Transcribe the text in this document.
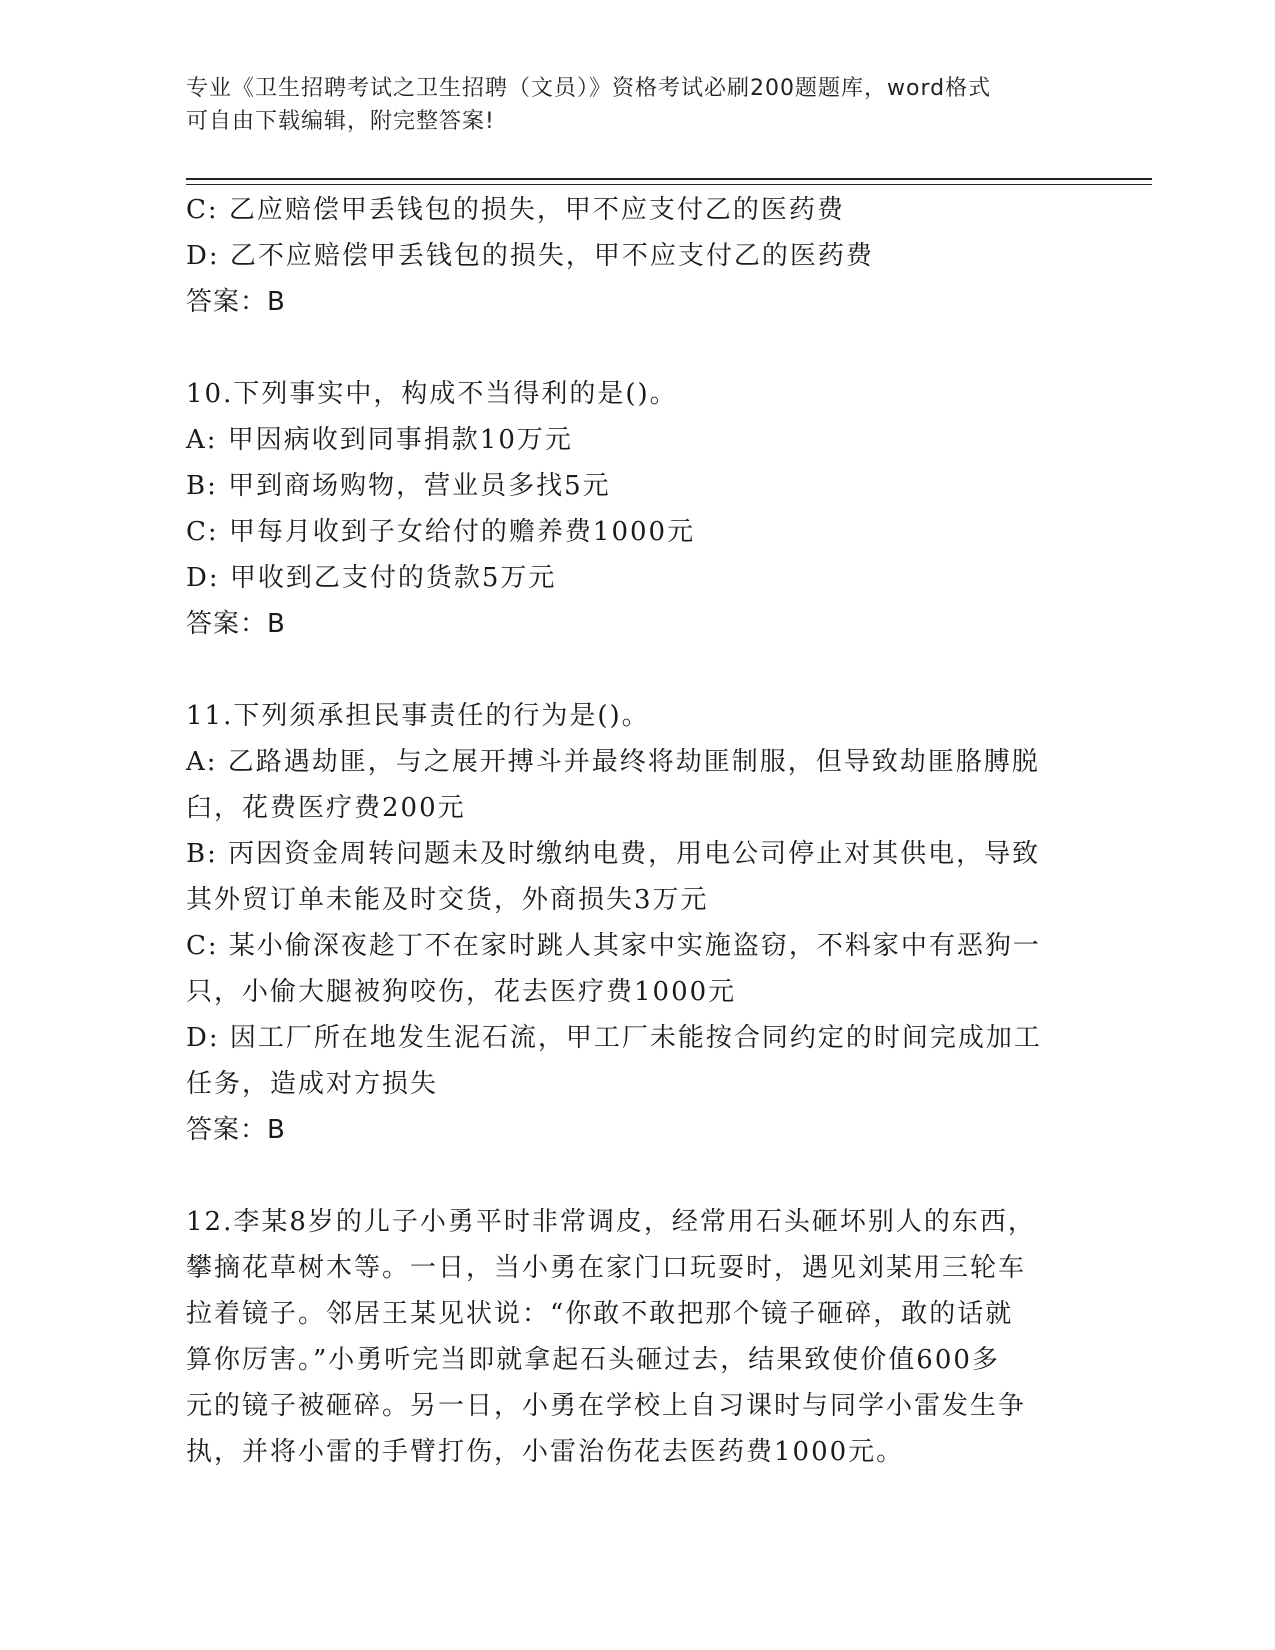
专业《卫生招聘考试之卫生招聘（文员）》资格考试必刷200题题库，word格式

可自由下载编辑，附完整答案!

C: 乙应赔偿甲丢钱包的损失，甲不应支付乙的医药费

D: 乙不应赔偿甲丢钱包的损失，甲不应支付乙的医药费

答案：B

10.下列事实中，构成不当得利的是()。

A: 甲因病收到同事捐款10万元

B: 甲到商场购物，营业员多找5元

C: 甲每月收到子女给付的赡养费1000元

D: 甲收到乙支付的货款5万元

答案：B

11.下列须承担民事责任的行为是()。

A: 乙路遇劫匪，与之展开搏斗并最终将劫匪制服，但导致劫匪胳膊脱

臼，花费医疗费200元

B: 丙因资金周转问题未及时缴纳电费，用电公司停止对其供电，导致

其外贸订单未能及时交货，外商损失3万元

C: 某小偷深夜趁丁不在家时跳人其家中实施盗窃，不料家中有恶狗一

只，小偷大腿被狗咬伤，花去医疗费1000元

D: 因工厂所在地发生泥石流，甲工厂未能按合同约定的时间完成加工

任务，造成对方损失

答案：B

12.李某8岁的儿子小勇平时非常调皮，经常用石头砸坏别人的东西，

攀摘花草树木等。一日，当小勇在家门口玩耍时，遇见刘某用三轮车

拉着镜子。邻居王某见状说：“你敢不敢把那个镜子砸碎，敢的话就

算你厉害。”小勇听完当即就拿起石头砸过去，结果致使价值600多

元的镜子被砸碎。另一日，小勇在学校上自习课时与同学小雷发生争

执，并将小雷的手臂打伤，小雷治伤花去医药费1000元。
